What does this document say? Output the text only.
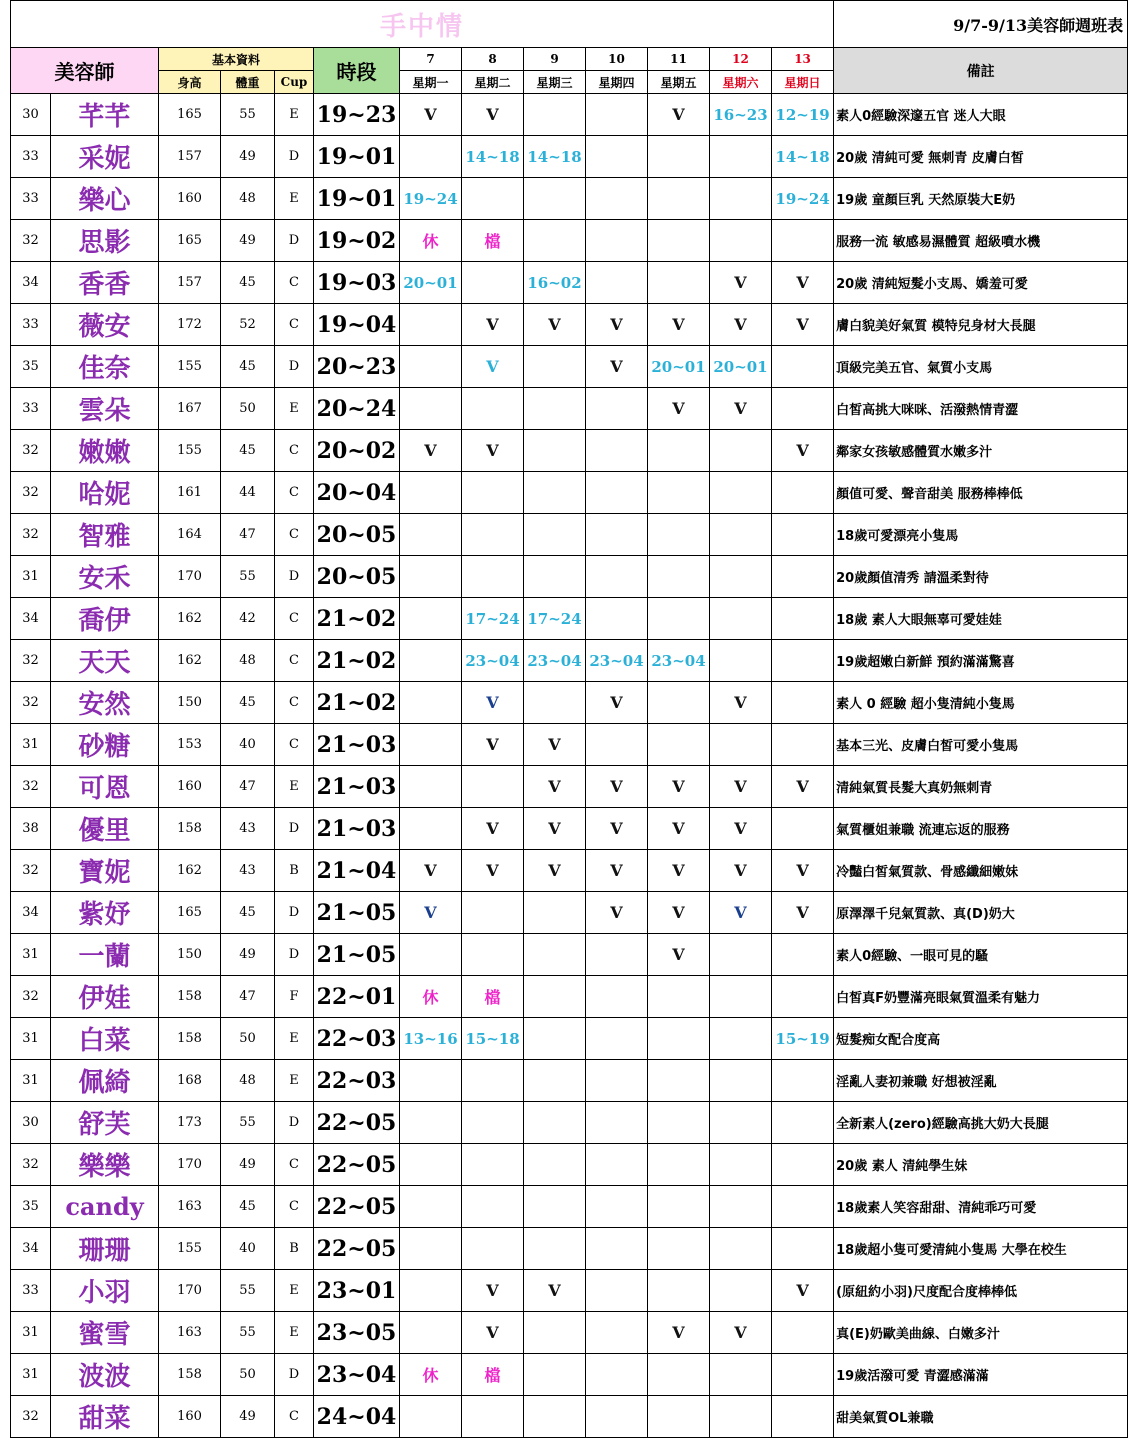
手中情													9/7-9/13美容師週班表
美容師		基本資料			時段	7	8	9	10	11	12	13	備註
		身高	體重	Cup		星期一	星期二	星期三	星期四	星期五	星期六	星期日	
30	芊芊	165	55	E	19~23	V	V			V	16~23	12~19	素人0經驗深邃五官 迷人大眼
33	采妮	157	49	D	19~01		14~18	14~18				14~18	20歲 清純可愛 無刺青 皮膚白皙
33	樂心	160	48	E	19~01	19~24						19~24	19歲 童顏巨乳 天然原裝大E奶
32	思影	165	49	D	19~02	休	檔						服務一流 敏感易濕體質 超級噴水機
34	香香	157	45	C	19~03	20~01		16~02			V	V	20歲 清純短髮小支馬、嬌羞可愛
33	薇安	172	52	C	19~04		V	V	V	V	V	V	膚白貌美好氣質 模特兒身材大長腿
35	佳奈	155	45	D	20~23		V		V	20~01	20~01		頂級完美五官、氣質小支馬
33	雲朵	167	50	E	20~24					V	V		白皙高挑大咪咪、活潑熱情青澀
32	嫩嫩	155	45	C	20~02	V	V					V	鄰家女孩敏感體質水嫩多汁
32	哈妮	161	44	C	20~04								顏值可愛、聲音甜美 服務棒棒低
32	智雅	164	47	C	20~05								18歲可愛漂亮小隻馬
31	安禾	170	55	D	20~05								20歲顏值清秀 請溫柔對待
34	喬伊	162	42	C	21~02		17~24	17~24					18歲 素人大眼無辜可愛娃娃
32	天天	162	48	C	21~02		23~04	23~04	23~04	23~04			19歲超嫩白新鮮 預約滿滿驚喜
32	安然	150	45	C	21~02		V		V		V		素人 0 經驗 超小隻清純小隻馬
31	砂糖	153	40	C	21~03		V	V					基本三光、皮膚白皙可愛小隻馬
32	可恩	160	47	E	21~03			V	V	V	V	V	清純氣質長髮大真奶無刺青
38	優里	158	43	D	21~03		V	V	V	V	V		氣質櫃姐兼職 流連忘返的服務
32	寶妮	162	43	B	21~04	V	V	V	V	V	V	V	冷豔白皙氣質款、骨感纖細嫩妹
34	紫妤	165	45	D	21~05	V			V	V	V	V	原澤澤千兒氣質款、真(D)奶大
31	一蘭	150	49	D	21~05					V			素人0經驗、一眼可見的騷
32	伊娃	158	47	F	22~01	休	檔						白皙真F奶豐滿亮眼氣質溫柔有魅力
31	白菜	158	50	E	22~03	13~16	15~18					15~19	短髮痴女配合度高
31	佩綺	168	48	E	22~03								淫亂人妻初兼職 好想被淫亂
30	舒芙	173	55	D	22~05								全新素人(zero)經驗高挑大奶大長腿
32	樂樂	170	49	C	22~05								20歲 素人 清純學生妹
35	candy	163	45	C	22~05								18歲素人笑容甜甜、清純乖巧可愛
34	珊珊	155	40	B	22~05								18歲超小隻可愛清純小隻馬 大學在校生
33	小羽	170	55	E	23~01		V	V				V	(原紐約小羽)尺度配合度棒棒低
31	蜜雪	163	55	E	23~05		V			V	V		真(E)奶歐美曲線、白嫩多汁
31	波波	158	50	D	23~04	休	檔						19歲活潑可愛 青澀感滿滿
32	甜菜	160	49	C	24~04								甜美氣質OL兼職
